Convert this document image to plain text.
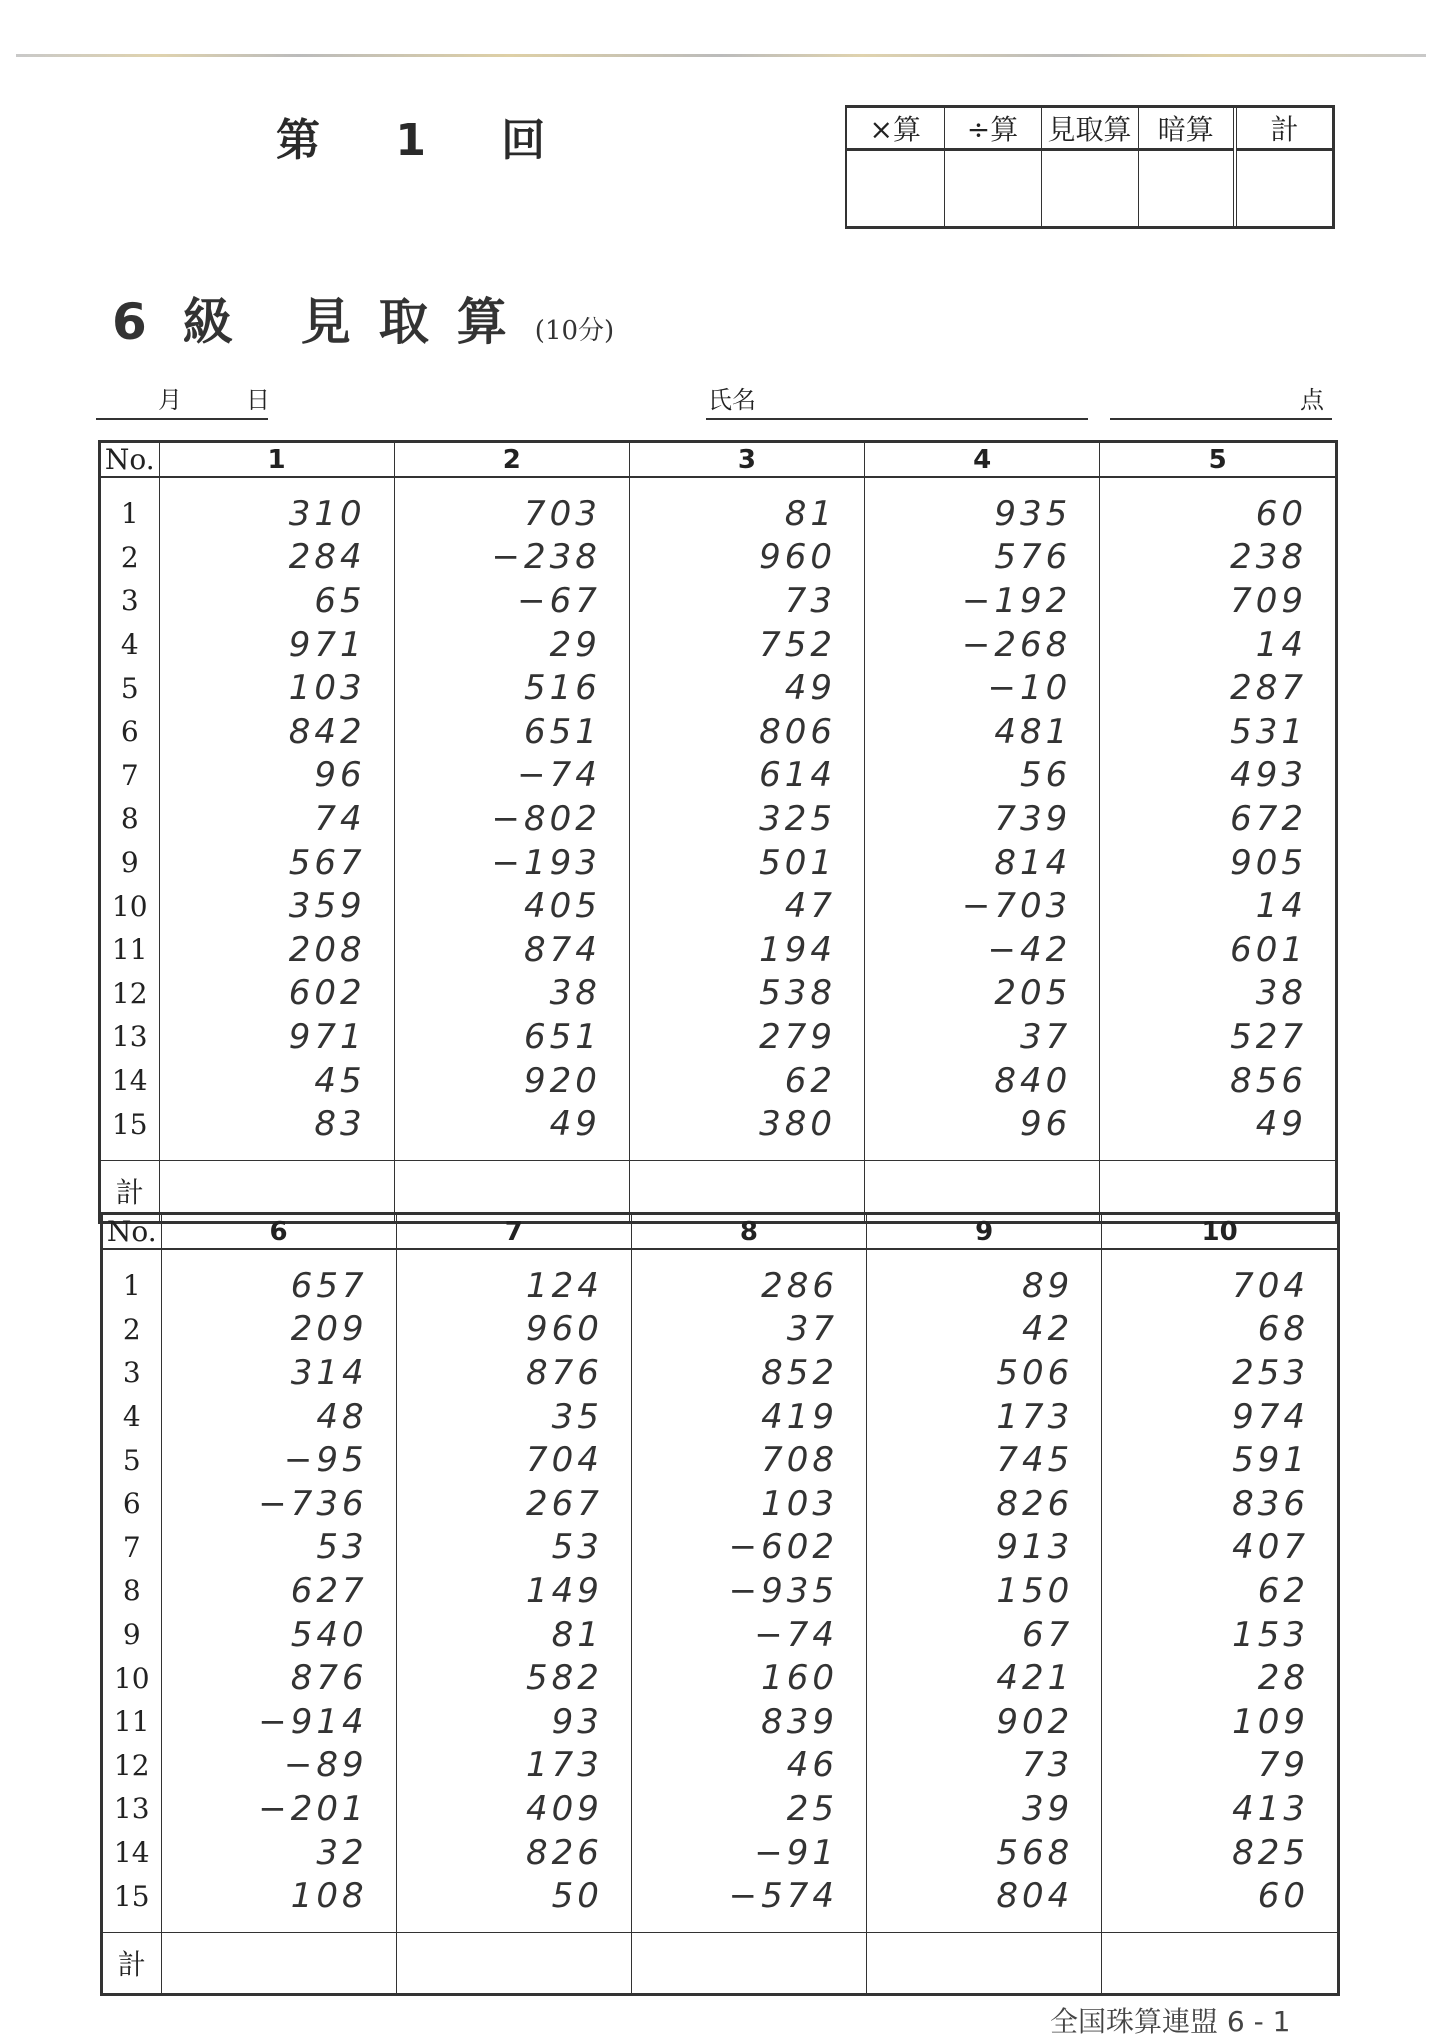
第 1 回	×算	÷算	見取算	暗算	計

6 級 見取算(10分)
月	日	氏名	点
No.	1	2	3	4	5
1	310	703	81	935	60
2	284	−238	960	576	238
3	65	−67	73	−192	709
4	971	29	752	−268	14
5	103	516	49	−10	287
6	842	651	806	481	531
7	96	−74	614	56	493
8	74	−802	325	739	672
9	567	−193	501	814	905
10	359	405	47	−703	14
11	208	874	194	−42	601
12	602	38	538	205	38
13	971	651	279	37	527
14	45	920	62	840	856
15	83	49	380	96	49
計					
No.	6	7	8	9	10
1	657	124	286	89	704
2	209	960	37	42	68
3	314	876	852	506	253
4	48	35	419	173	974
5	−95	704	708	745	591
6	−736	267	103	826	836
7	53	53	−602	913	407
8	627	149	−935	150	62
9	540	81	−74	67	153
10	876	582	160	421	28
11	−914	93	839	902	109
12	−89	173	46	73	79
13	−201	409	25	39	413
14	32	826	−91	568	825
15	108	50	−574	804	60
計					
全国珠算連盟 6 - 1
